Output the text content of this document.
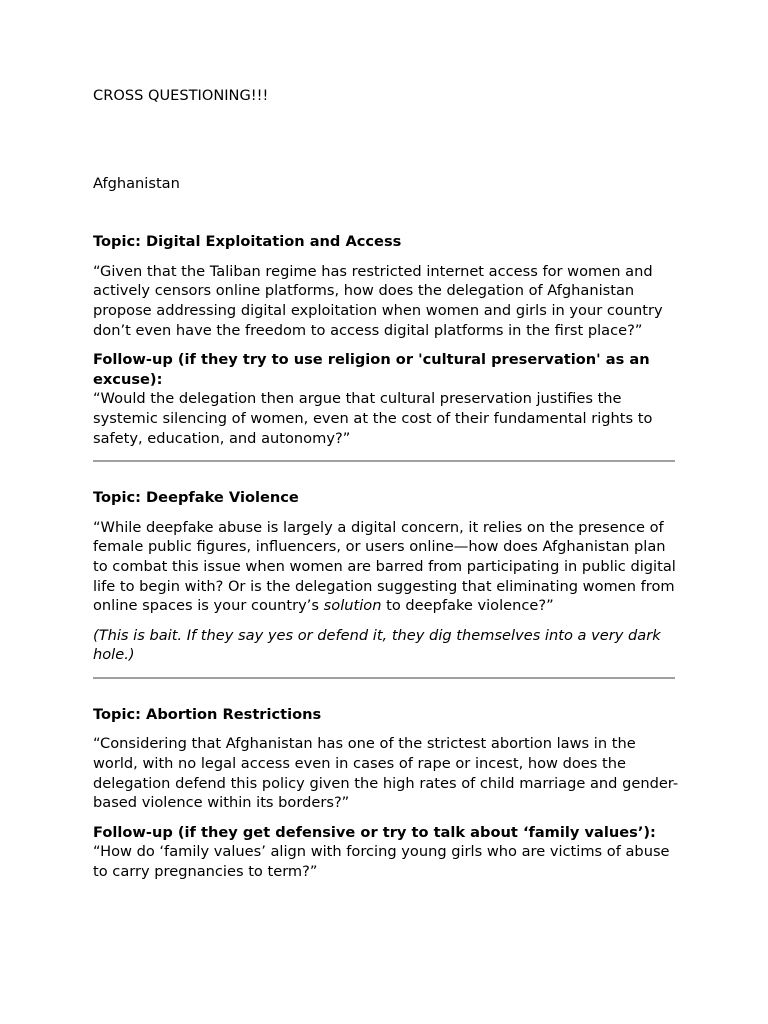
CROSS QUESTIONING!!!

Afghanistan

Topic: Digital Exploitation and Access

“Given that the Taliban regime has restricted internet access for women and actively censors online platforms, how does the delegation of Afghanistan propose addressing digital exploitation when women and girls in your country don’t even have the freedom to access digital platforms in the first place?”

Follow-up (if they try to use religion or 'cultural preservation' as an excuse):

“Would the delegation then argue that cultural preservation justifies the systemic silencing of women, even at the cost of their fundamental rights to safety, education, and autonomy?”

Topic: Deepfake Violence

“While deepfake abuse is largely a digital concern, it relies on the presence of female public figures, influencers, or users online—how does Afghanistan plan to combat this issue when women are barred from participating in public digital life to begin with? Or is the delegation suggesting that eliminating women from online spaces is your country’s solution to deepfake violence?”

(This is bait. If they say yes or defend it, they dig themselves into a very dark hole.)

Topic: Abortion Restrictions

“Considering that Afghanistan has one of the strictest abortion laws in the world, with no legal access even in cases of rape or incest, how does the delegation defend this policy given the high rates of child marriage and gender-based violence within its borders?”

Follow-up (if they get defensive or try to talk about ‘family values’):

“How do ‘family values’ align with forcing young girls who are victims of abuse to carry pregnancies to term?”
